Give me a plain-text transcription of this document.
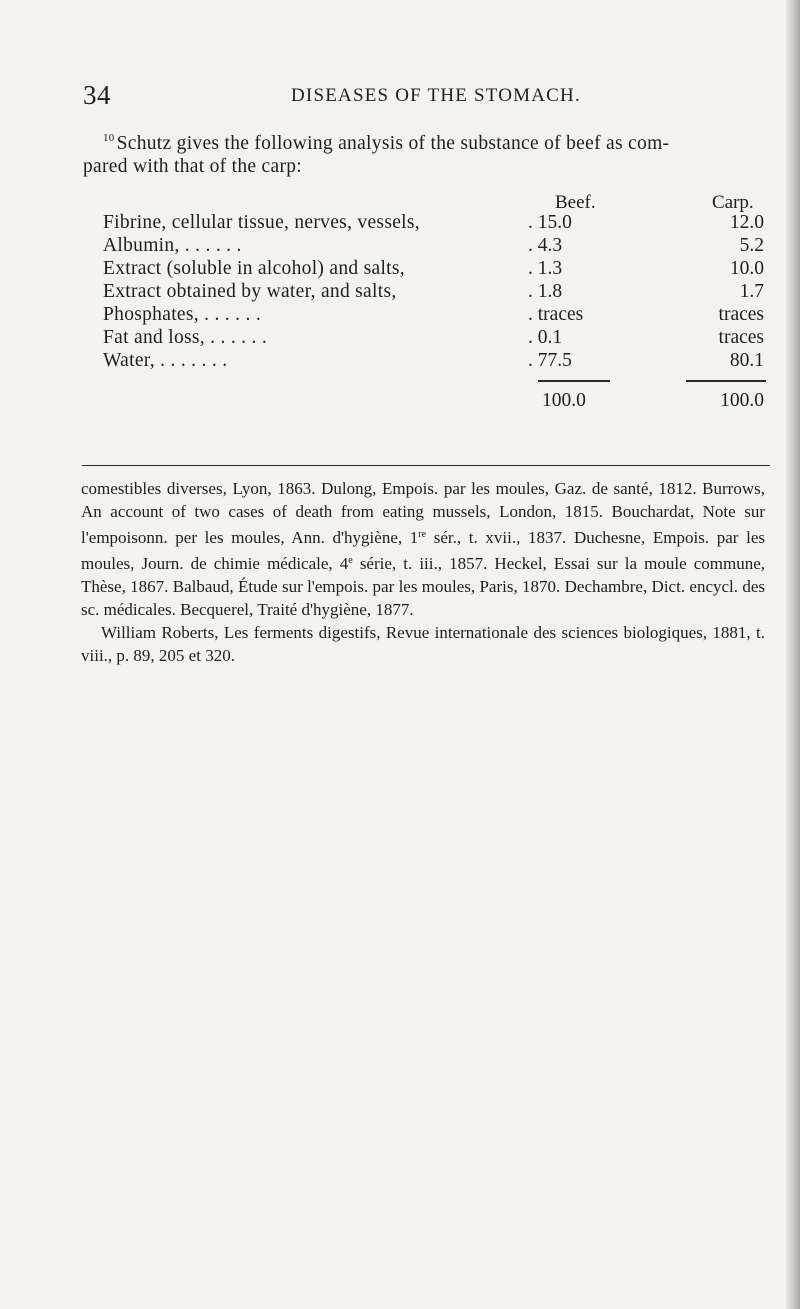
34	DISEASES OF THE STOMACH.
$^{10}$ Schutz gives the following analysis of the substance of beef as com-
pared with that of the carp:
Beef.	Carp.
Fibrine, cellular tissue, nerves, vessels,	. 15.0	12.0
Albumin, . . . . . .	. 4.3	5.2
Extract (soluble in alcohol) and salts,	. 1.3	10.0
Extract obtained by water, and salts,	. 1.8	1.7
Phosphates, . . . . . .	. traces	traces
Fat and loss, . . . . . .	. 0.1	traces
Water, . . . . . . .	. 77.5	80.1
100.0	100.0

comestibles diverses, Lyon, 1863. Dulong, Empois. par les moules, Gaz. de santé, 1812. Burrows, An account of two cases of death from eating mussels, London, 1815. Bouchardat, Note sur l'empoisonn. per les moules, Ann. d'hygiène, 1re sér., t. xvii., 1837. Duchesne, Empois. par les moules, Journ. de chimie médicale, 4e série, t. iii., 1857. Heckel, Essai sur la moule commune, Thèse, 1867. Balbaud, Étude sur l'empois. par les moules, Paris, 1870. Dechambre, Dict. encycl. des sc. médicales. Becquerel, Traité d'hygiène, 1877.

William Roberts, Les ferments digestifs, Revue internationale des sciences biologiques, 1881, t. viii., p. 89, 205 et 320.
